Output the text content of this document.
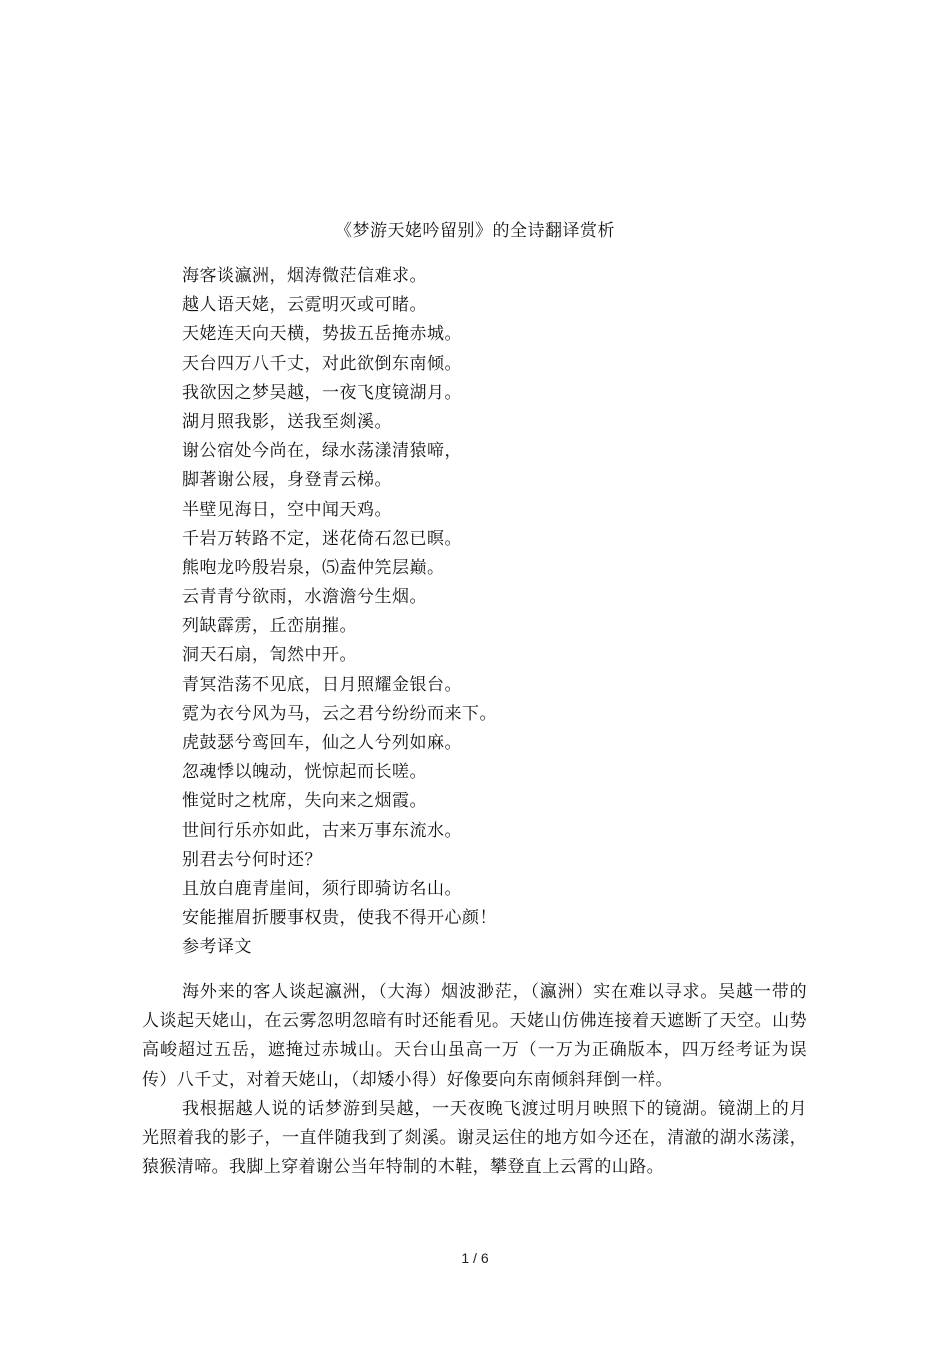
《梦游天姥吟留别》的全诗翻译赏析
海客谈瀛洲，烟涛微茫信难求。
越人语天姥，云霓明灭或可睹。
天姥连天向天横，势拔五岳掩赤城。
天台四万八千丈，对此欲倒东南倾。
我欲因之梦吴越，一夜飞度镜湖月。
湖月照我影，送我至剡溪。
谢公宿处今尚在，绿水荡漾清猿啼，
脚著谢公屐，身登青云梯。
半壁见海日，空中闻天鸡。
千岩万转路不定，迷花倚石忽已暝。
熊咆龙吟殷岩泉，⑸盍仲笎层巅。
云青青兮欲雨，水澹澹兮生烟。
列缺霹雳，丘峦崩摧。
洞天石扇，訇然中开。
青冥浩荡不见底，日月照耀金银台。
霓为衣兮风为马，云之君兮纷纷而来下。
虎鼓瑟兮鸾回车，仙之人兮列如麻。
忽魂悸以魄动，恍惊起而长嗟。
惟觉时之枕席，失向来之烟霞。
世间行乐亦如此，古来万事东流水。
别君去兮何时还？
且放白鹿青崖间，须行即骑访名山。
安能摧眉折腰事权贵，使我不得开心颜！
参考译文

海外来的客人谈起瀛洲，（大海）烟波渺茫，（瀛洲）实在难以寻求。吴越一带的人谈起天姥山，在云雾忽明忽暗有时还能看见。天姥山仿佛连接着天遮断了天空。山势高峻超过五岳，遮掩过赤城山。天台山虽高一万（一万为正确版本，四万经考证为误传）八千丈，对着天姥山，（却矮小得）好像要向东南倾斜拜倒一样。

我根据越人说的话梦游到吴越，一天夜晚飞渡过明月映照下的镜湖。镜湖上的月光照着我的影子，一直伴随我到了剡溪。谢灵运住的地方如今还在，清澈的湖水荡漾，猿猴清啼。我脚上穿着谢公当年特制的木鞋，攀登直上云霄的山路。

1 / 6
